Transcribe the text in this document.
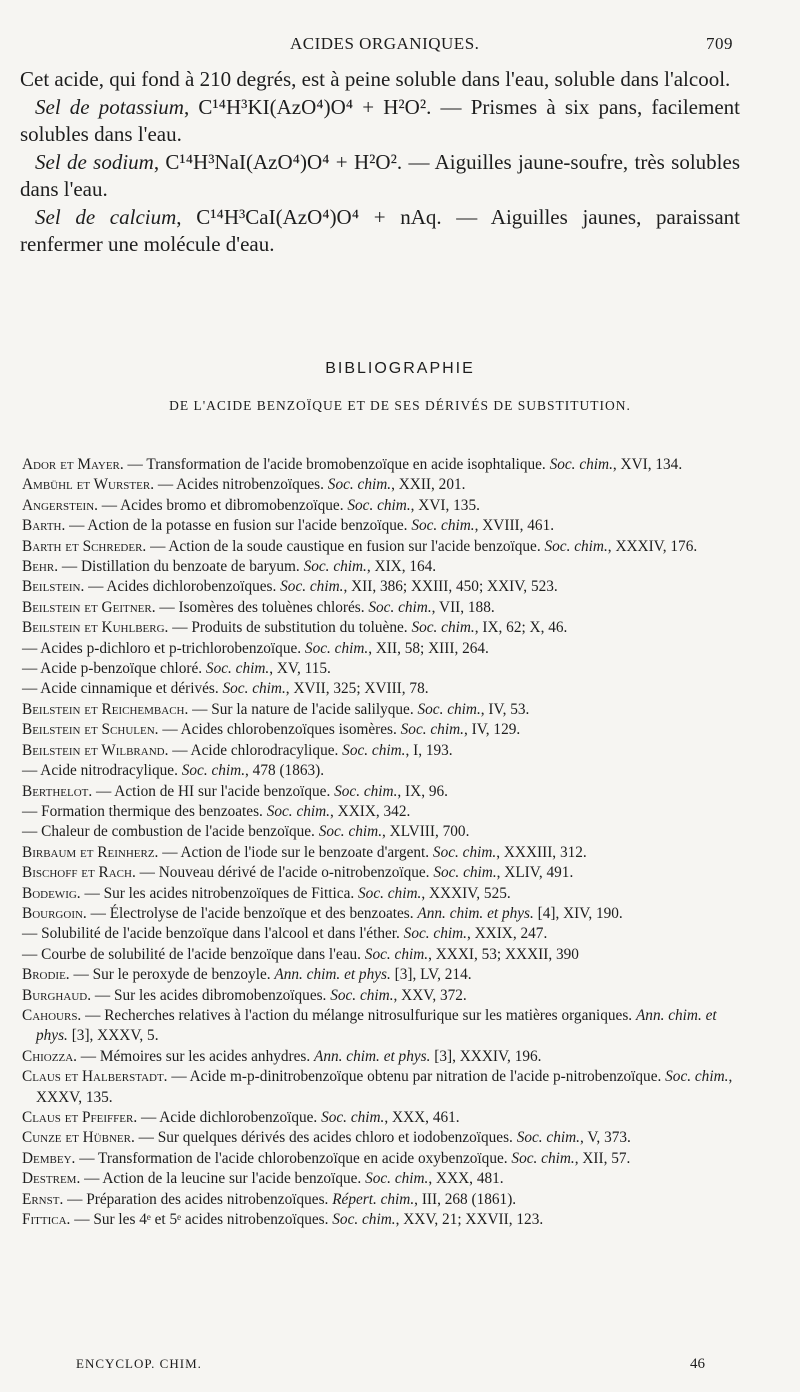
ACIDES ORGANIQUES.	709

Cet acide, qui fond à 210 degrés, est à peine soluble dans l'eau, soluble dans l'alcool.

Sel de potassium, C¹⁴H³KI(AzO⁴)O⁴ + H²O². — Prismes à six pans, facilement solubles dans l'eau.

Sel de sodium, C¹⁴H³NaI(AzO⁴)O⁴ + H²O². — Aiguilles jaune-soufre, très solubles dans l'eau.

Sel de calcium, C¹⁴H³CaI(AzO⁴)O⁴ + nAq. — Aiguilles jaunes, paraissant renfermer une molécule d'eau.

BIBLIOGRAPHIE
DE L'ACIDE BENZOÏQUE ET DE SES DÉRIVÉS DE SUBSTITUTION.

Ador et Mayer. — Transformation de l'acide bromobenzoïque en acide isophtalique. Soc. chim., XVI, 134.

Ambühl et Wurster. — Acides nitrobenzoïques. Soc. chim., XXII, 201.

Angerstein. — Acides bromo et dibromobenzoïque. Soc. chim., XVI, 135.

Barth. — Action de la potasse en fusion sur l'acide benzoïque. Soc. chim., XVIII, 461.

Barth et Schreder. — Action de la soude caustique en fusion sur l'acide benzoïque. Soc. chim., XXXIV, 176.

Behr. — Distillation du benzoate de baryum. Soc. chim., XIX, 164.

Beilstein. — Acides dichlorobenzoïques. Soc. chim., XII, 386; XXIII, 450; XXIV, 523.

Beilstein et Geitner. — Isomères des toluènes chlorés. Soc. chim., VII, 188.

Beilstein et Kuhlberg. — Produits de substitution du toluène. Soc. chim., IX, 62; X, 46.

— Acides p-dichloro et p-trichlorobenzoïque. Soc. chim., XII, 58; XIII, 264.

— Acide p-benzoïque chloré. Soc. chim., XV, 115.

— Acide cinnamique et dérivés. Soc. chim., XVII, 325; XVIII, 78.

Beilstein et Reichembach. — Sur la nature de l'acide salilyque. Soc. chim., IV, 53.

Beilstein et Schulen. — Acides chlorobenzoïques isomères. Soc. chim., IV, 129.

Beilstein et Wilbrand. — Acide chlorodracylique. Soc. chim., I, 193.

— Acide nitrodracylique. Soc. chim., 478 (1863).

Berthelot. — Action de HI sur l'acide benzoïque. Soc. chim., IX, 96.

— Formation thermique des benzoates. Soc. chim., XXIX, 342.

— Chaleur de combustion de l'acide benzoïque. Soc. chim., XLVIII, 700.

Birbaum et Reinherz. — Action de l'iode sur le benzoate d'argent. Soc. chim., XXXIII, 312.

Bischoff et Rach. — Nouveau dérivé de l'acide o-nitrobenzoïque. Soc. chim., XLIV, 491.

Bodewig. — Sur les acides nitrobenzoïques de Fittica. Soc. chim., XXXIV, 525.

Bourgoin. — Électrolyse de l'acide benzoïque et des benzoates. Ann. chim. et phys. [4], XIV, 190.

— Solubilité de l'acide benzoïque dans l'alcool et dans l'éther. Soc. chim., XXIX, 247.

— Courbe de solubilité de l'acide benzoïque dans l'eau. Soc. chim., XXXI, 53; XXXII, 390

Brodie. — Sur le peroxyde de benzoyle. Ann. chim. et phys. [3], LV, 214.

Burghaud. — Sur les acides dibromobenzoïques. Soc. chim., XXV, 372.

Cahours. — Recherches relatives à l'action du mélange nitrosulfurique sur les matières organiques. Ann. chim. et phys. [3], XXXV, 5.

Chiozza. — Mémoires sur les acides anhydres. Ann. chim. et phys. [3], XXXIV, 196.

Claus et Halberstadt. — Acide m-p-dinitrobenzoïque obtenu par nitration de l'acide p-nitrobenzoïque. Soc. chim., XXXV, 135.

Claus et Pfeiffer. — Acide dichlorobenzoïque. Soc. chim., XXX, 461.

Cunze et Hübner. — Sur quelques dérivés des acides chloro et iodobenzoïques. Soc. chim., V, 373.

Dembey. — Transformation de l'acide chlorobenzoïque en acide oxybenzoïque. Soc. chim., XII, 57.

Destrem. — Action de la leucine sur l'acide benzoïque. Soc. chim., XXX, 481.

Ernst. — Préparation des acides nitrobenzoïques. Répert. chim., III, 268 (1861).

Fittica. — Sur les 4ᵉ et 5ᵉ acides nitrobenzoïques. Soc. chim., XXV, 21; XXVII, 123.

ENCYCLOP. CHIM.	46
